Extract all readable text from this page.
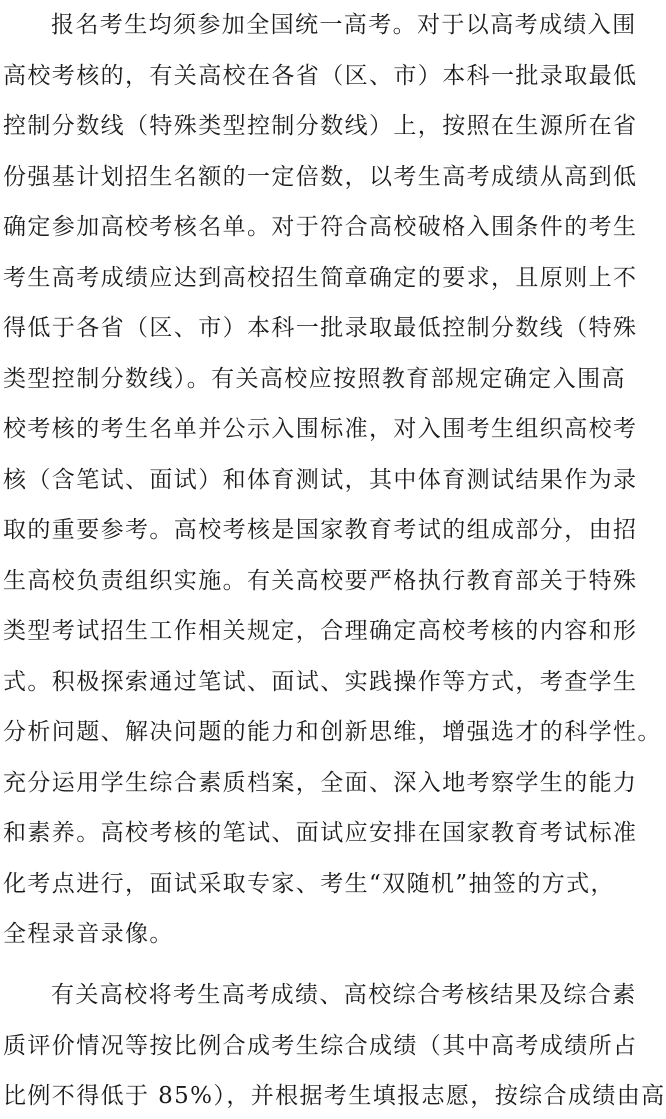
报名考生均须参加全国统一高考。对于以高考成绩入围
高校考核的，有关高校在各省（区、市）本科一批录取最低
控制分数线（特殊类型控制分数线）上，按照在生源所在省
份强基计划招生名额的一定倍数，以考生高考成绩从高到低
确定参加高校考核名单。对于符合高校破格入围条件的考生
考生高考成绩应达到高校招生简章确定的要求，且原则上不
得低于各省（区、市）本科一批录取最低控制分数线（特殊
类型控制分数线）。有关高校应按照教育部规定确定入围高
校考核的考生名单并公示入围标准，对入围考生组织高校考
核（含笔试、面试）和体育测试，其中体育测试结果作为录
取的重要参考。高校考核是国家教育考试的组成部分，由招
生高校负责组织实施。有关高校要严格执行教育部关于特殊
类型考试招生工作相关规定，合理确定高校考核的内容和形
式。积极探索通过笔试、面试、实践操作等方式，考查学生
分析问题、解决问题的能力和创新思维，增强选才的科学性。
充分运用学生综合素质档案，全面、深入地考察学生的能力
和素养。高校考核的笔试、面试应安排在国家教育考试标准
化考点进行，面试采取专家、考生“双随机”抽签的方式，
全程录音录像。
有关高校将考生高考成绩、高校综合考核结果及综合素
质评价情况等按比例合成考生综合成绩（其中高考成绩所占
比例不得低于 85%），并根据考生填报志愿，按综合成绩由高
